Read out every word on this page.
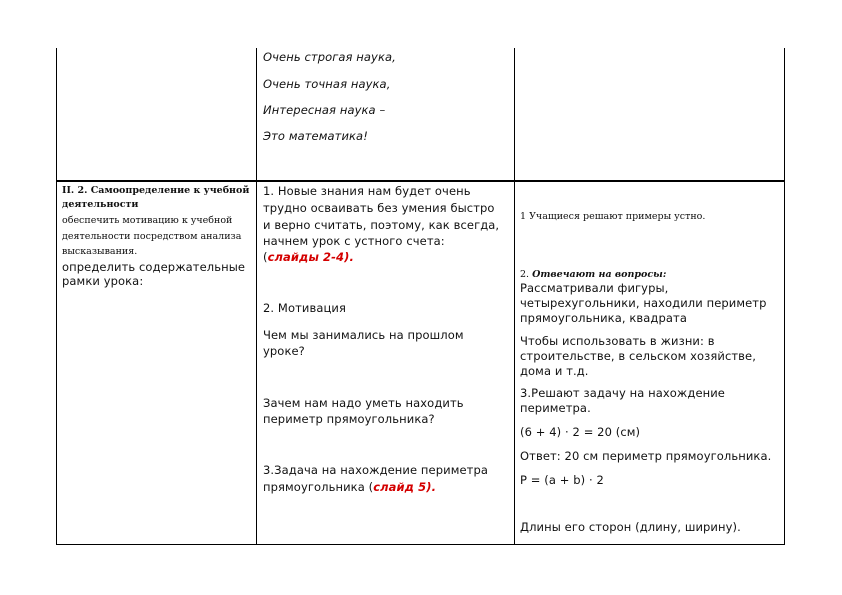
Очень строгая наука,
Очень точная наука,
Интересная наука –
Это математика!
II. 2. Самоопределение к учебной
деятельности
обеспечить мотивацию к учебной
деятельности посредством анализа
высказывания.
определить содержательные
рамки урока:
1. Новые знания нам будет очень
трудно осваивать без умения быстро
и верно считать, поэтому, как всегда,
начнем урок с устного счета:
(слайды 2-4).
2. Мотивация
Чем мы занимались на прошлом
уроке?
Зачем нам надо уметь находить
периметр прямоугольника?
3.Задача на нахождение периметра
прямоугольника (слайд 5).
1 Учащиеся решают примеры устно.
2. Отвечают на вопросы:
Рассматривали фигуры,
четырехугольники, находили периметр
прямоугольника, квадрата
Чтобы использовать в жизни: в
строительстве, в сельском хозяйстве,
дома и т.д.
3.Решают задачу на нахождение
периметра.
(6 + 4) · 2 = 20 (см)
Ответ: 20 см периметр прямоугольника.
P = (a + b) · 2
Длины его сторон (длину, ширину).
